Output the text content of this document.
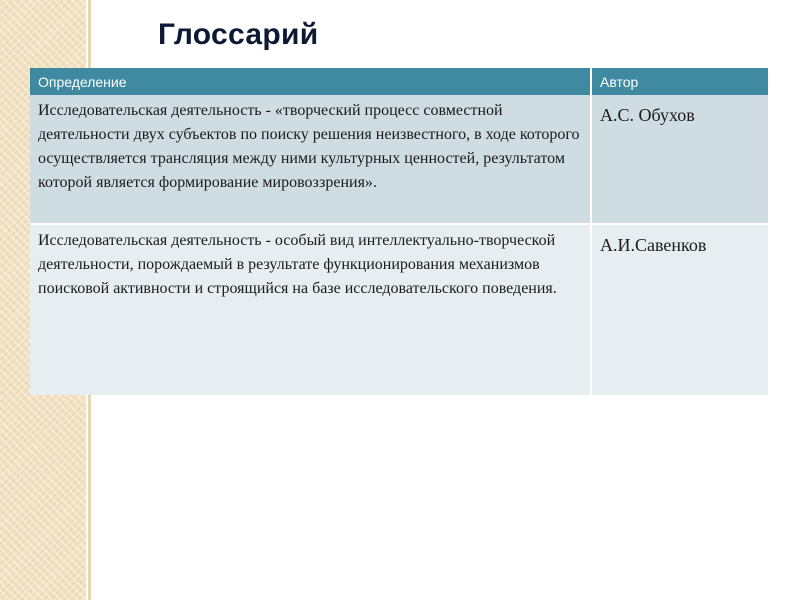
Глоссарий
Определение	Автор
Исследовательская деятельность - «творческий процесс совместной деятельности двух субъектов по поиску решения неизвестного, в ходе которого осуществляется трансляция между ними культурных ценностей, результатом которой является формирование мировоззрения».	А.С. Обухов
Исследовательская деятельность - особый вид интеллектуально-творческой деятельности, порождаемый в результате функционирования механизмов поисковой активности и строящийся на базе исследовательского поведения.	А.И.Савенков
